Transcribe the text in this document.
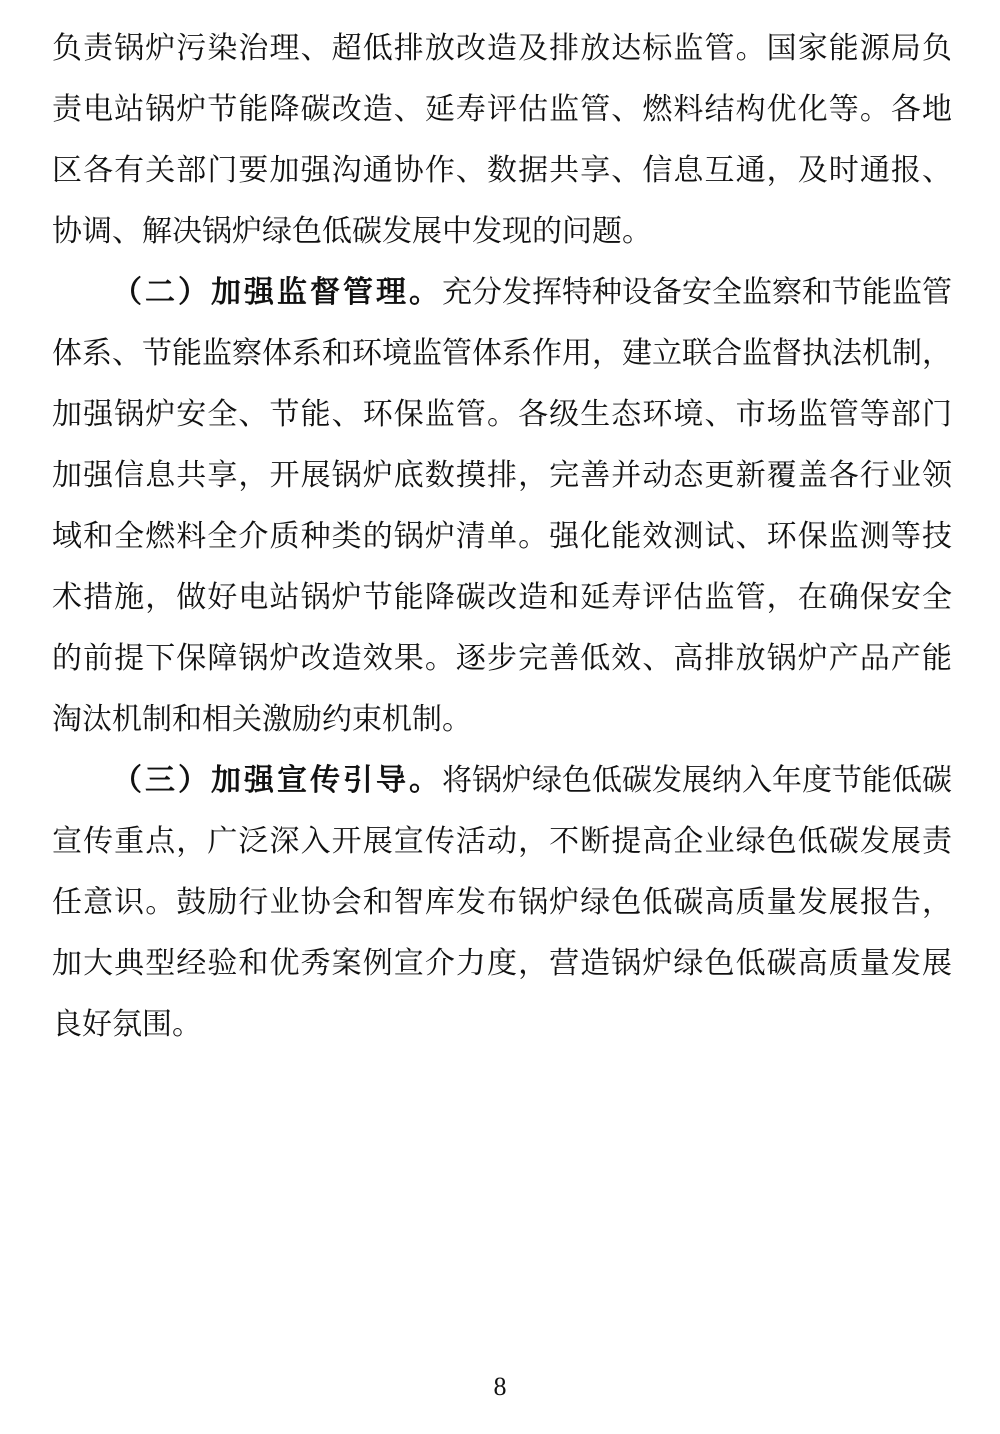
负责锅炉污染治理、超低排放改造及排放达标监管。国家能源局负
责电站锅炉节能降碳改造、延寿评估监管、燃料结构优化等。各地
区各有关部门要加强沟通协作、数据共享、信息互通，及时通报、
协调、解决锅炉绿色低碳发展中发现的问题。
（二）加强监督管理。充分发挥特种设备安全监察和节能监管
体系、节能监察体系和环境监管体系作用，建立联合监督执法机制，
加强锅炉安全、节能、环保监管。各级生态环境、市场监管等部门
加强信息共享，开展锅炉底数摸排，完善并动态更新覆盖各行业领
域和全燃料全介质种类的锅炉清单。强化能效测试、环保监测等技
术措施，做好电站锅炉节能降碳改造和延寿评估监管，在确保安全
的前提下保障锅炉改造效果。逐步完善低效、高排放锅炉产品产能
淘汰机制和相关激励约束机制。
（三）加强宣传引导。将锅炉绿色低碳发展纳入年度节能低碳
宣传重点，广泛深入开展宣传活动，不断提高企业绿色低碳发展责
任意识。鼓励行业协会和智库发布锅炉绿色低碳高质量发展报告，
加大典型经验和优秀案例宣介力度，营造锅炉绿色低碳高质量发展
良好氛围。
8
